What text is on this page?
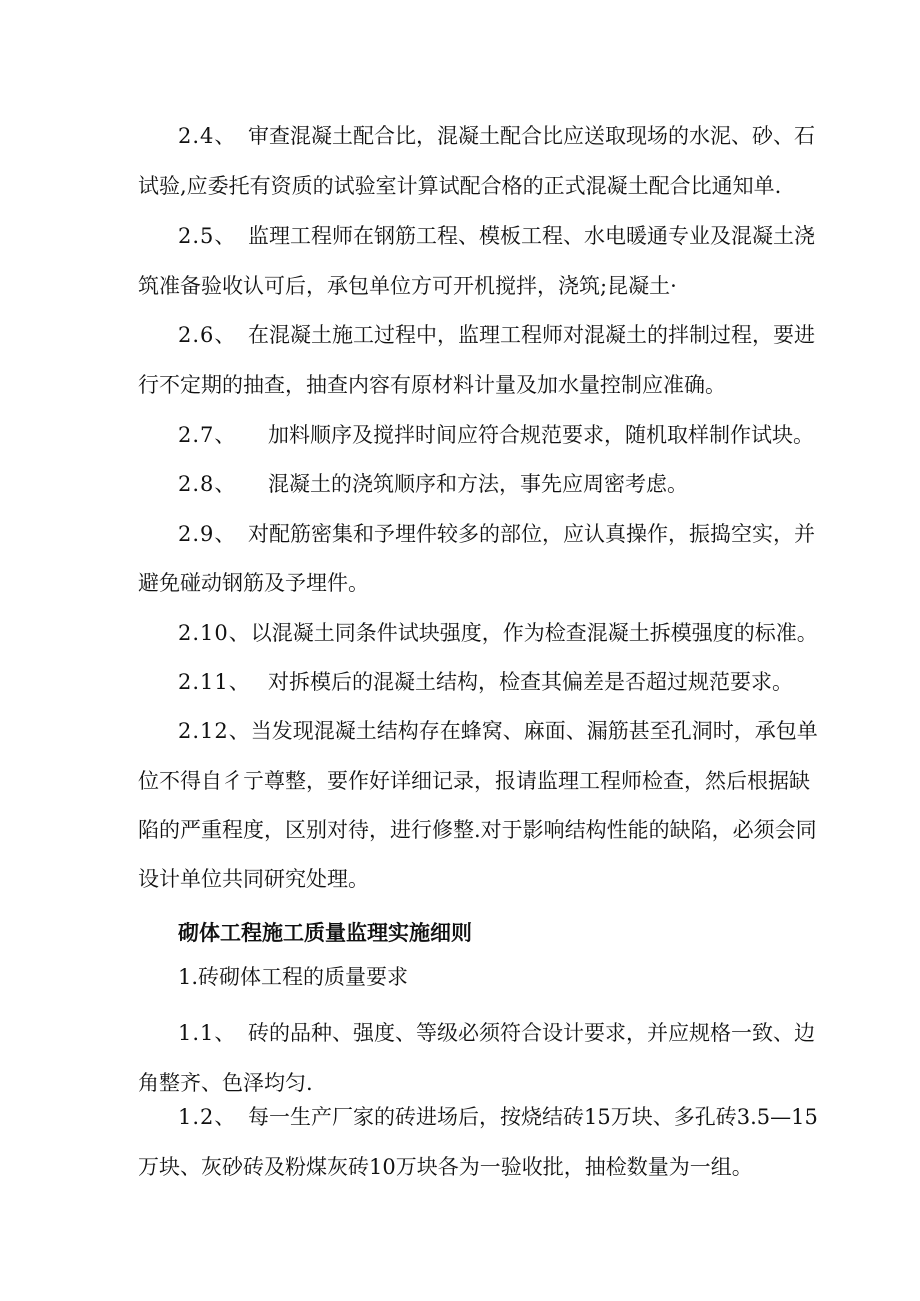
2.4、 审查混凝土配合比，混凝土配合比应送取现场的水泥、砂、石
试验,应委托有资质的试验室计算试配合格的正式混凝土配合比通知单.
2.5、 监理工程师在钢筋工程、模板工程、水电暖通专业及混凝土浇
筑准备验收认可后，承包单位方可开机搅拌，浇筑;昆凝土·
2.6、 在混凝土施工过程中，监理工程师对混凝土的拌制过程，要进
行不定期的抽查，抽查内容有原材料计量及加水量控制应准确。
2.7、 加料顺序及搅拌时间应符合规范要求，随机取样制作试块。
2.8、 混凝土的浇筑顺序和方法，事先应周密考虑。
2.9、 对配筋密集和予埋件较多的部位，应认真操作，振捣空实，并
避免碰动钢筋及予埋件。
2.10、以混凝土同条件试块强度，作为检查混凝土拆模强度的标准。
2.11、 对拆模后的混凝土结构，检查其偏差是否超过规范要求。
2.12、当发现混凝土结构存在蜂窝、麻面、漏筋甚至孔洞时，承包单
位不得自彳亍尊整，要作好详细记录，报请监理工程师检查，然后根据缺
陷的严重程度，区别对待，进行修整.对于影响结构性能的缺陷，必须会同
设计单位共同研究处理。
砌体工程施工质量监理实施细则
1.砖砌体工程的质量要求
1.1、 砖的品种、强度、等级必须符合设计要求，并应规格一致、边
角整齐、色泽均匀.
1.2、 每一生产厂家的砖进场后，按烧结砖15万块、多孔砖3.5—15
万块、灰砂砖及粉煤灰砖10万块各为一验收批，抽检数量为一组。
